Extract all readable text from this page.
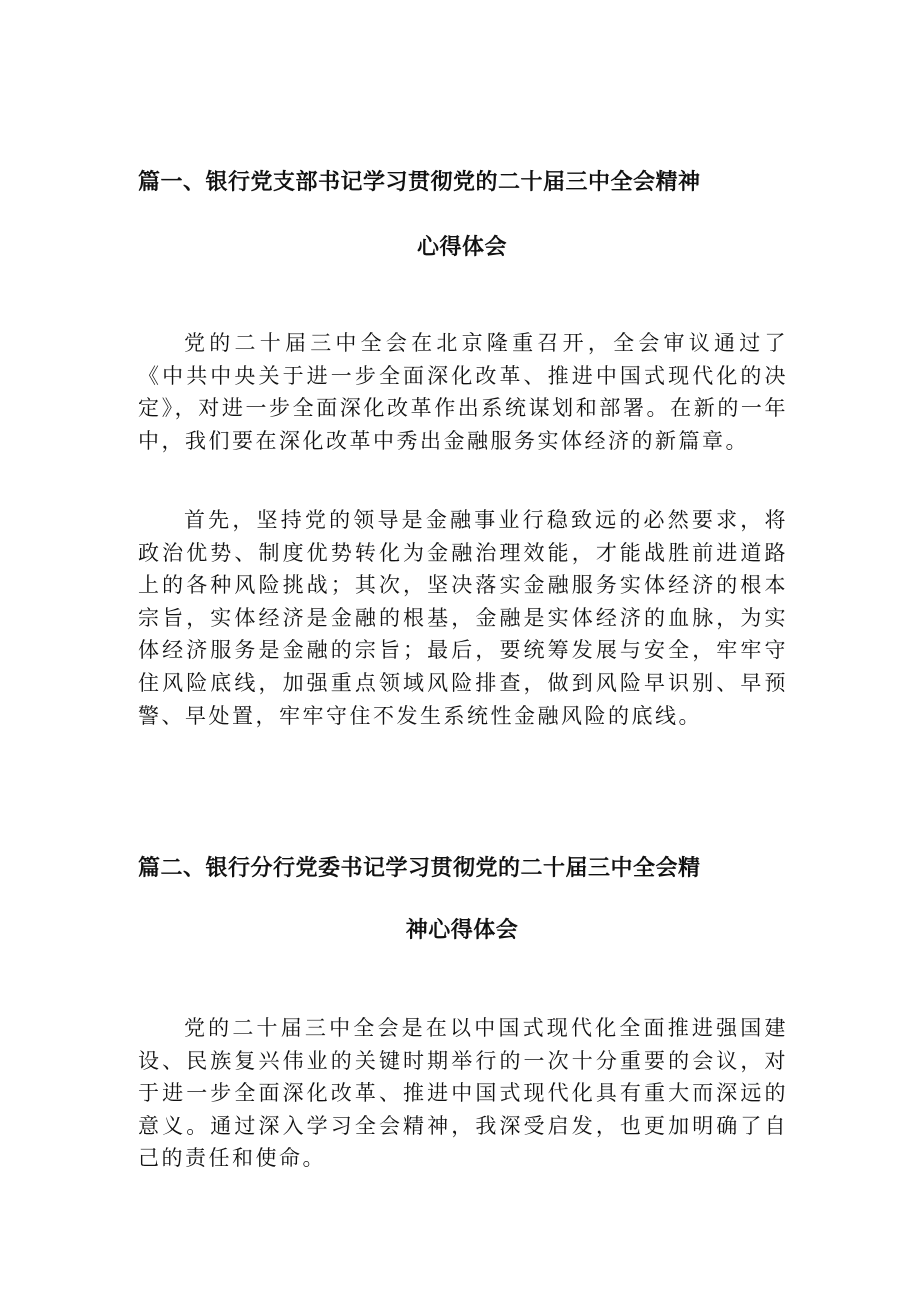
篇一、银行党支部书记学习贯彻党的二十届三中全会精神
心得体会

党的二十届三中全会在北京隆重召开，全会审议通过了《中共中央关于进一步全面深化改革、推进中国式现代化的决定》，对进一步全面深化改革作出系统谋划和部署。在新的一年中，我们要在深化改革中秀出金融服务实体经济的新篇章。

首先，坚持党的领导是金融事业行稳致远的必然要求，将政治优势、制度优势转化为金融治理效能，才能战胜前进道路上的各种风险挑战；其次，坚决落实金融服务实体经济的根本宗旨，实体经济是金融的根基，金融是实体经济的血脉，为实体经济服务是金融的宗旨；最后，要统筹发展与安全，牢牢守住风险底线，加强重点领域风险排查，做到风险早识别、早预警、早处置，牢牢守住不发生系统性金融风险的底线。

篇二、银行分行党委书记学习贯彻党的二十届三中全会精
神心得体会

党的二十届三中全会是在以中国式现代化全面推进强国建设、民族复兴伟业的关键时期举行的一次十分重要的会议，对于进一步全面深化改革、推进中国式现代化具有重大而深远的意义。通过深入学习全会精神，我深受启发，也更加明确了自己的责任和使命。
